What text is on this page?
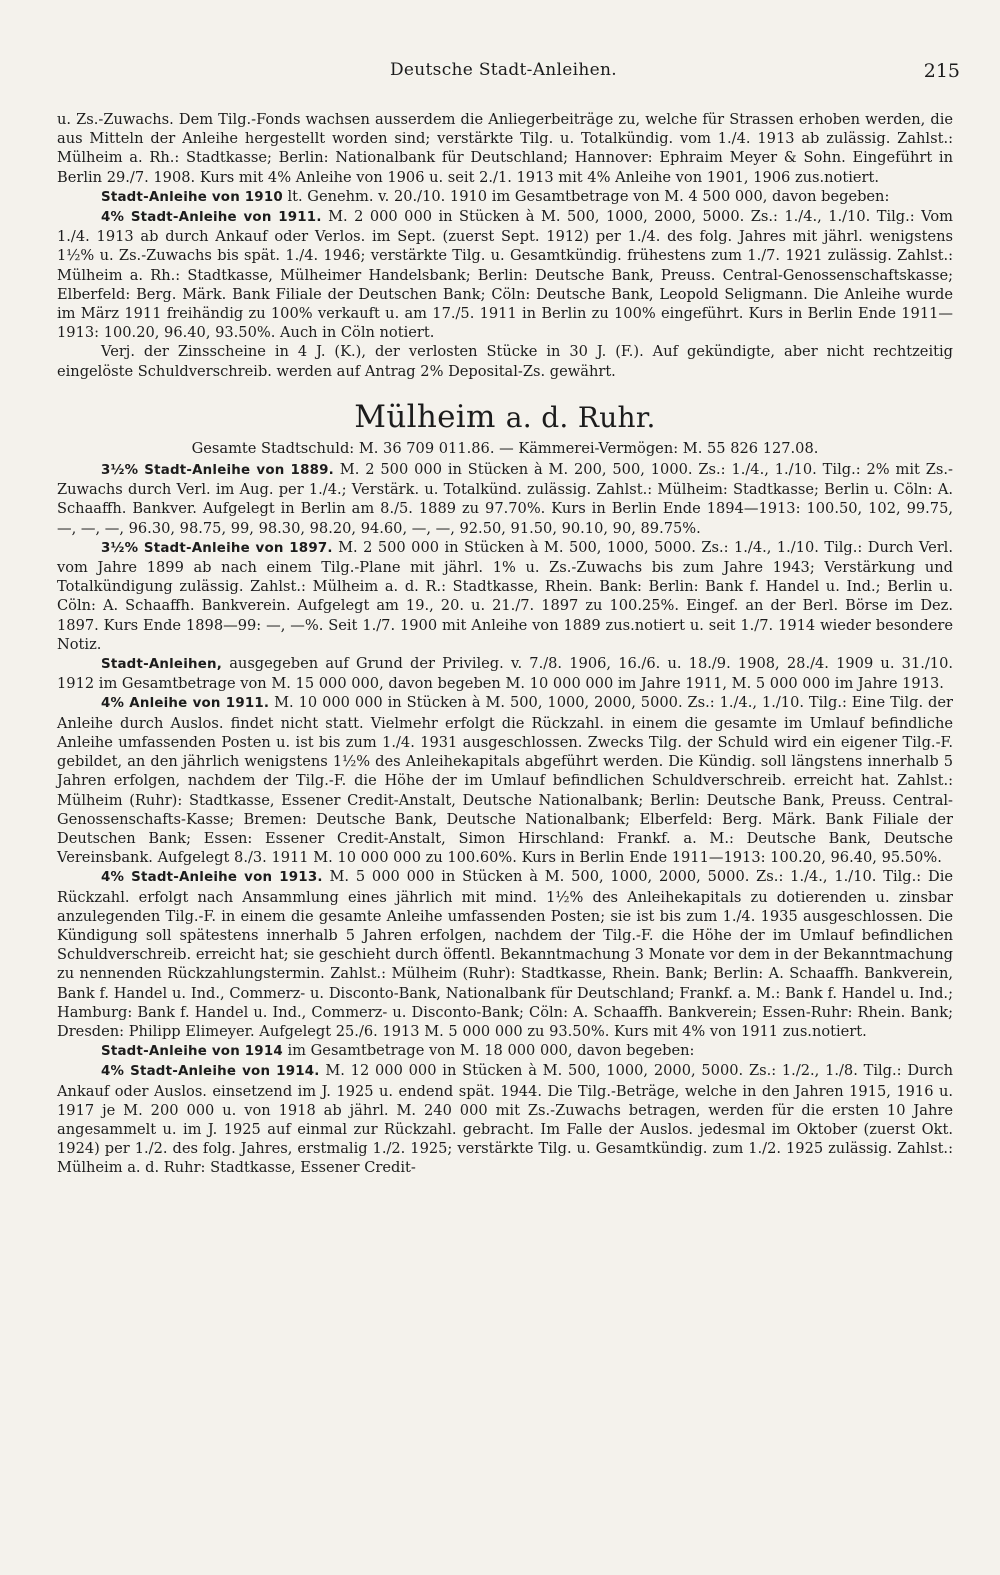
Deutsche Stadt-Anleihen.	215

u. Zs.-Zuwachs. Dem Tilg.-Fonds wachsen ausserdem die Anliegerbeiträge zu, welche für Strassen erhoben werden, die aus Mitteln der Anleihe hergestellt worden sind; verstärkte Tilg. u. Totalkündig. vom 1./4. 1913 ab zulässig. Zahlst.: Mülheim a. Rh.: Stadtkasse; Berlin: Nationalbank für Deutschland; Hannover: Ephraim Meyer & Sohn. Eingeführt in Berlin 29./7. 1908. Kurs mit 4% Anleihe von 1906 u. seit 2./1. 1913 mit 4% Anleihe von 1901, 1906 zus.notiert.

Stadt-Anleihe von 1910 lt. Genehm. v. 20./10. 1910 im Gesamtbetrage von M. 4 500 000, davon begeben:

4% Stadt-Anleihe von 1911. M. 2 000 000 in Stücken à M. 500, 1000, 2000, 5000. Zs.: 1./4., 1./10. Tilg.: Vom 1./4. 1913 ab durch Ankauf oder Verlos. im Sept. (zuerst Sept. 1912) per 1./4. des folg. Jahres mit jährl. wenigstens 1½% u. Zs.-Zuwachs bis spät. 1./4. 1946; verstärkte Tilg. u. Gesamtkündig. frühestens zum 1./7. 1921 zulässig. Zahlst.: Mülheim a. Rh.: Stadtkasse, Mülheimer Handelsbank; Berlin: Deutsche Bank, Preuss. Central-Genossenschaftskasse; Elberfeld: Berg. Märk. Bank Filiale der Deutschen Bank; Cöln: Deutsche Bank, Leopold Seligmann. Die Anleihe wurde im März 1911 freihändig zu 100% verkauft u. am 17./5. 1911 in Berlin zu 100% eingeführt. Kurs in Berlin Ende 1911—1913: 100.20, 96.40, 93.50%. Auch in Cöln notiert.

Verj. der Zinsscheine in 4 J. (K.), der verlosten Stücke in 30 J. (F.). Auf gekündigte, aber nicht rechtzeitig eingelöste Schuldverschreib. werden auf Antrag 2% Deposital-Zs. gewährt.

Mülheim a. d. Ruhr.
Gesamte Stadtschuld: M. 36 709 011.86. — Kämmerei-Vermögen: M. 55 826 127.08.

3½% Stadt-Anleihe von 1889. M. 2 500 000 in Stücken à M. 200, 500, 1000. Zs.: 1./4., 1./10. Tilg.: 2% mit Zs.-Zuwachs durch Verl. im Aug. per 1./4.; Verstärk. u. Totalkünd. zulässig. Zahlst.: Mülheim: Stadtkasse; Berlin u. Cöln: A. Schaaffh. Bankver. Aufgelegt in Berlin am 8./5. 1889 zu 97.70%. Kurs in Berlin Ende 1894—1913: 100.50, 102, 99.75, —, —, —, 96.30, 98.75, 99, 98.30, 98.20, 94.60, —, —, 92.50, 91.50, 90.10, 90, 89.75%.

3½% Stadt-Anleihe von 1897. M. 2 500 000 in Stücken à M. 500, 1000, 5000. Zs.: 1./4., 1./10. Tilg.: Durch Verl. vom Jahre 1899 ab nach einem Tilg.-Plane mit jährl. 1% u. Zs.-Zuwachs bis zum Jahre 1943; Verstärkung und Totalkündigung zulässig. Zahlst.: Mülheim a. d. R.: Stadtkasse, Rhein. Bank: Berlin: Bank f. Handel u. Ind.; Berlin u. Cöln: A. Schaaffh. Bankverein. Aufgelegt am 19., 20. u. 21./7. 1897 zu 100.25%. Eingef. an der Berl. Börse im Dez. 1897. Kurs Ende 1898—99: —, —%. Seit 1./7. 1900 mit Anleihe von 1889 zus.notiert u. seit 1./7. 1914 wieder besondere Notiz.

Stadt-Anleihen, ausgegeben auf Grund der Privileg. v. 7./8. 1906, 16./6. u. 18./9. 1908, 28./4. 1909 u. 31./10. 1912 im Gesamtbetrage von M. 15 000 000, davon begeben M. 10 000 000 im Jahre 1911, M. 5 000 000 im Jahre 1913.

4% Anleihe von 1911. M. 10 000 000 in Stücken à M. 500, 1000, 2000, 5000. Zs.: 1./4., 1./10. Tilg.: Eine Tilg. der Anleihe durch Auslos. findet nicht statt. Vielmehr erfolgt die Rückzahl. in einem die gesamte im Umlauf befindliche Anleihe umfassenden Posten u. ist bis zum 1./4. 1931 ausgeschlossen. Zwecks Tilg. der Schuld wird ein eigener Tilg.-F. gebildet, an den jährlich wenigstens 1½% des Anleihekapitals abgeführt werden. Die Kündig. soll längstens innerhalb 5 Jahren erfolgen, nachdem der Tilg.-F. die Höhe der im Umlauf befindlichen Schuldverschreib. erreicht hat. Zahlst.: Mülheim (Ruhr): Stadtkasse, Essener Credit-Anstalt, Deutsche Nationalbank; Berlin: Deutsche Bank, Preuss. Central-Genossenschafts-Kasse; Bremen: Deutsche Bank, Deutsche Nationalbank; Elberfeld: Berg. Märk. Bank Filiale der Deutschen Bank; Essen: Essener Credit-Anstalt, Simon Hirschland: Frankf. a. M.: Deutsche Bank, Deutsche Vereinsbank. Aufgelegt 8./3. 1911 M. 10 000 000 zu 100.60%. Kurs in Berlin Ende 1911—1913: 100.20, 96.40, 95.50%.

4% Stadt-Anleihe von 1913. M. 5 000 000 in Stücken à M. 500, 1000, 2000, 5000. Zs.: 1./4., 1./10. Tilg.: Die Rückzahl. erfolgt nach Ansammlung eines jährlich mit mind. 1½% des Anleihekapitals zu dotierenden u. zinsbar anzulegenden Tilg.-F. in einem die gesamte Anleihe umfassenden Posten; sie ist bis zum 1./4. 1935 ausgeschlossen. Die Kündigung soll spätestens innerhalb 5 Jahren erfolgen, nachdem der Tilg.-F. die Höhe der im Umlauf befindlichen Schuldverschreib. erreicht hat; sie geschieht durch öffentl. Bekanntmachung 3 Monate vor dem in der Bekanntmachung zu nennenden Rückzahlungstermin. Zahlst.: Mülheim (Ruhr): Stadtkasse, Rhein. Bank; Berlin: A. Schaaffh. Bankverein, Bank f. Handel u. Ind., Commerz- u. Disconto-Bank, Nationalbank für Deutschland; Frankf. a. M.: Bank f. Handel u. Ind.; Hamburg: Bank f. Handel u. Ind., Commerz- u. Disconto-Bank; Cöln: A. Schaaffh. Bankverein; Essen-Ruhr: Rhein. Bank; Dresden: Philipp Elimeyer. Aufgelegt 25./6. 1913 M. 5 000 000 zu 93.50%. Kurs mit 4% von 1911 zus.notiert.

Stadt-Anleihe von 1914 im Gesamtbetrage von M. 18 000 000, davon begeben:

4% Stadt-Anleihe von 1914. M. 12 000 000 in Stücken à M. 500, 1000, 2000, 5000. Zs.: 1./2., 1./8. Tilg.: Durch Ankauf oder Auslos. einsetzend im J. 1925 u. endend spät. 1944. Die Tilg.-Beträge, welche in den Jahren 1915, 1916 u. 1917 je M. 200 000 u. von 1918 ab jährl. M. 240 000 mit Zs.-Zuwachs betragen, werden für die ersten 10 Jahre angesammelt u. im J. 1925 auf einmal zur Rückzahl. gebracht. Im Falle der Auslos. jedesmal im Oktober (zuerst Okt. 1924) per 1./2. des folg. Jahres, erstmalig 1./2. 1925; verstärkte Tilg. u. Gesamtkündig. zum 1./2. 1925 zulässig. Zahlst.: Mülheim a. d. Ruhr: Stadtkasse, Essener Credit-
